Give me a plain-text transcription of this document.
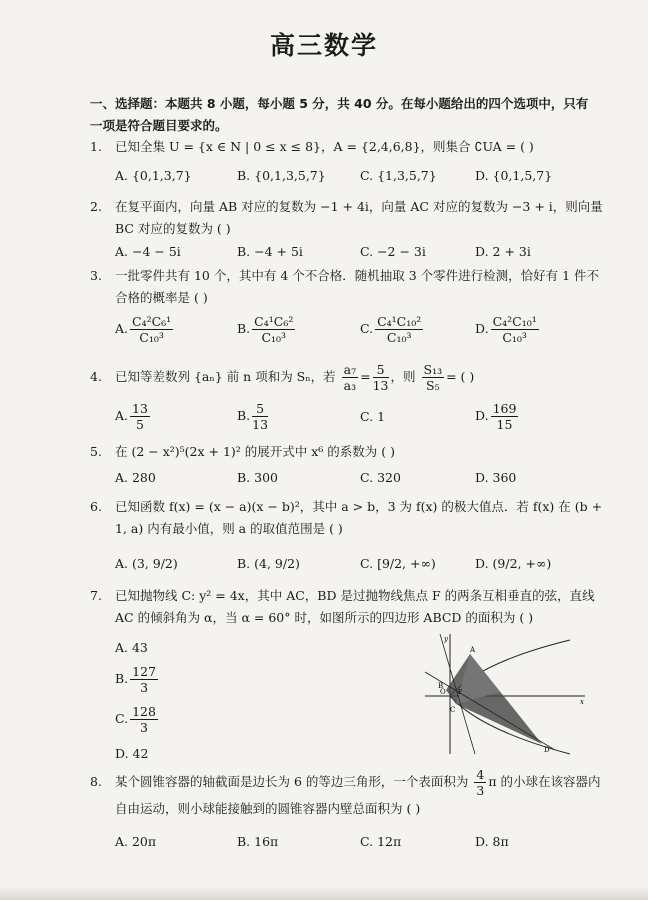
高三数学
一、选择题：本题共 8 小题，每小题 5 分，共 40 分。在每小题给出的四个选项中，只有一项是符合题目要求的。
1.	已知全集 U = {x ∈ N | 0 ≤ x ≤ 8}，A = {2,4,6,8}，则集合 ∁UA = ( )
A. {0,1,3,7}	B. {0,1,3,5,7}	C. {1,3,5,7}	D. {0,1,5,7}
2.	在复平面内，向量 AB 对应的复数为 −1 + 4i，向量 AC 对应的复数为 −3 + i，则向量 BC 对应的复数为 ( )
A. −4 − 5i	B. −4 + 5i	C. −2 − 3i	D. 2 + 3i
3.	一批零件共有 10 个，其中有 4 个不合格．随机抽取 3 个零件进行检测，恰好有 1 件不合格的概率是 ( )
A. $\frac{\text{C₄²C₆¹}}{\text{C₁₀³}}$	B. $\frac{\text{C₄¹C₆²}}{\text{C₁₀³}}$	C. $\frac{\text{C₄¹C₁₀²}}{\text{C₁₀³}}$	D. $\frac{\text{C₄²C₁₀¹}}{\text{C₁₀³}}$
4.	已知等差数列 {aₙ} 前 n 项和为 Sₙ，若 $\frac{\text{a₇}}{\text{a₃}} = \frac{5}{13}$ ，则 $\frac{\text{S₁₃}}{\text{S₅}}$ = ( )
A. $\frac{13}{5}$	B. $\frac{5}{13}$	C. 1	D. $\frac{169}{15}$
5.	在 (2 − x²)⁵(2x + 1)² 的展开式中 x⁶ 的系数为 ( )
A. 280	B. 300	C. 320	D. 360
6.	已知函数 f(x) = (x − a)(x − b)²，其中 a > b，3 为 f(x) 的极大值点．若 f(x) 在 (b + 1, a) 内有最小值，则 a 的取值范围是 ( )
A. (3, 9/2)	B. (4, 9/2)	C. [9/2, +∞)	D. (9/2, +∞)
7.	已知抛物线 C: y² = 4x，其中 AC，BD 是过抛物线焦点 F 的两条互相垂直的弦，直线 AC 的倾斜角为 α，当 α = 60° 时，如图所示的四边形 ABCD 的面积为 ( )
A. 43
B. $\frac{127}{3}$
C. $\frac{128}{3}$
D. 42
y
x
O
A
B
C
D
F
8.	某个圆锥容器的轴截面是边长为 6 的等边三角形，一个表面积为 $\frac{4}{3}$ π 的小球在该容器内自由运动，则小球能接触到的圆锥容器内壁总面积为 ( )
A. 20π	B. 16π	C. 12π	D. 8π
